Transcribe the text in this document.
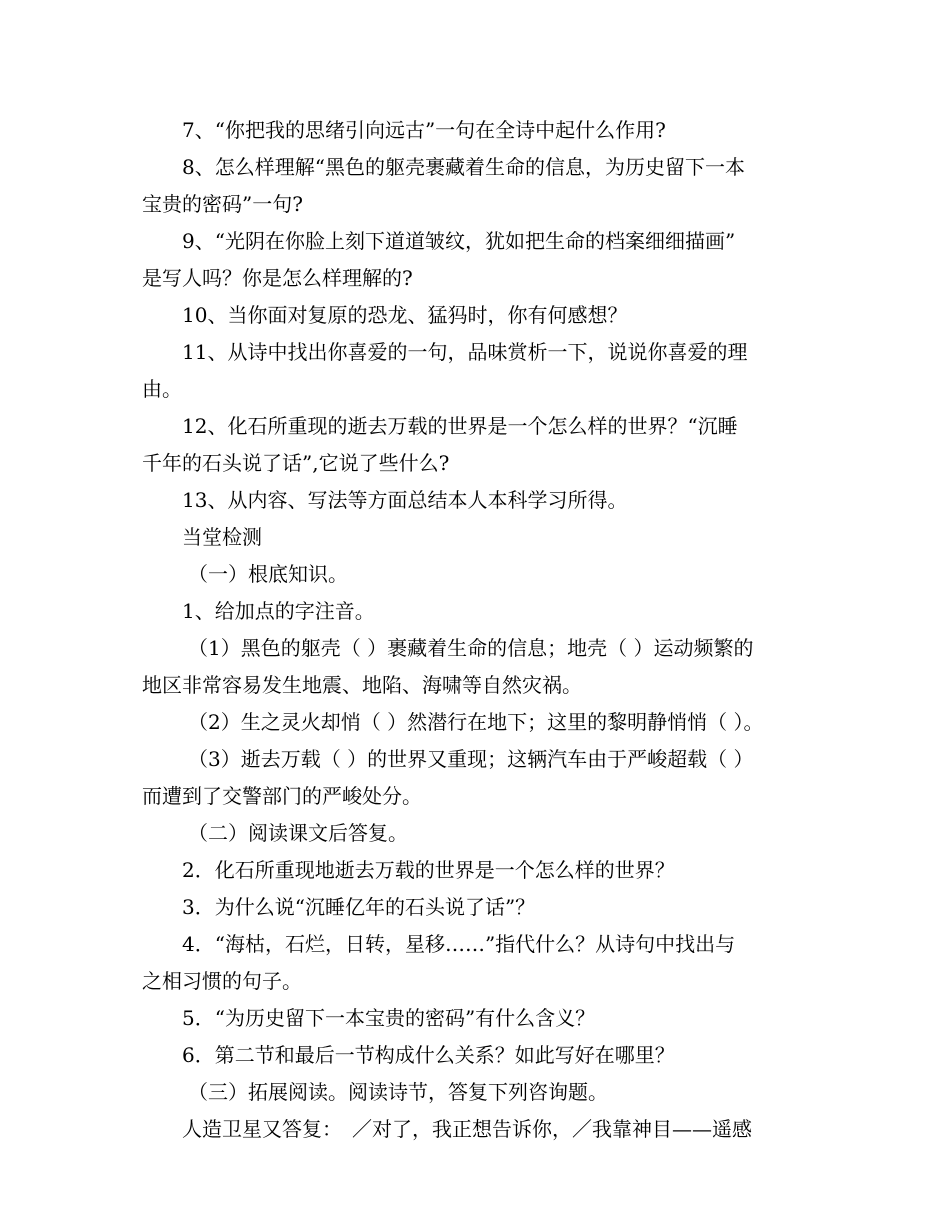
7、“你把我的思绪引向远古”一句在全诗中起什么作用?
8、怎么样理解“黑色的躯壳裹藏着生命的信息，为历史留下一本
宝贵的密码”一句?
9、“光阴在你脸上刻下道道皱纹，犹如把生命的档案细细描画”
是写人吗？你是怎么样理解的?
10、当你面对复原的恐龙、猛犸时，你有何感想？
11、从诗中找出你喜爱的一句，品味赏析一下，说说你喜爱的理
由。
12、化石所重现的逝去万载的世界是一个怎么样的世界？“沉睡
千年的石头说了话”,它说了些什么?
13、从内容、写法等方面总结本人本科学习所得。
当堂检测
（一）根底知识。
1、给加点的字注音。
（1）黑色的躯壳（ ）裹藏着生命的信息；地壳（ ）运动频繁的
地区非常容易发生地震、地陷、海啸等自然灾祸。
（2）生之灵火却悄（ ）然潜行在地下；这里的黎明静悄悄（ ）。
（3）逝去万载（ ）的世界又重现；这辆汽车由于严峻超载（ ）
而遭到了交警部门的严峻处分。
（二）阅读课文后答复。
2．化石所重现地逝去万载的世界是一个怎么样的世界？
3．为什么说“沉睡亿年的石头说了话”？
4．“海枯，石烂，日转，星移……”指代什么？从诗句中找出与
之相习惯的句子。
5．“为历史留下一本宝贵的密码”有什么含义？
6．第二节和最后一节构成什么关系？如此写好在哪里？
（三）拓展阅读。阅读诗节，答复下列咨询题。
人造卫星又答复：　／对了，我正想告诉你，／我靠神目——遥感
